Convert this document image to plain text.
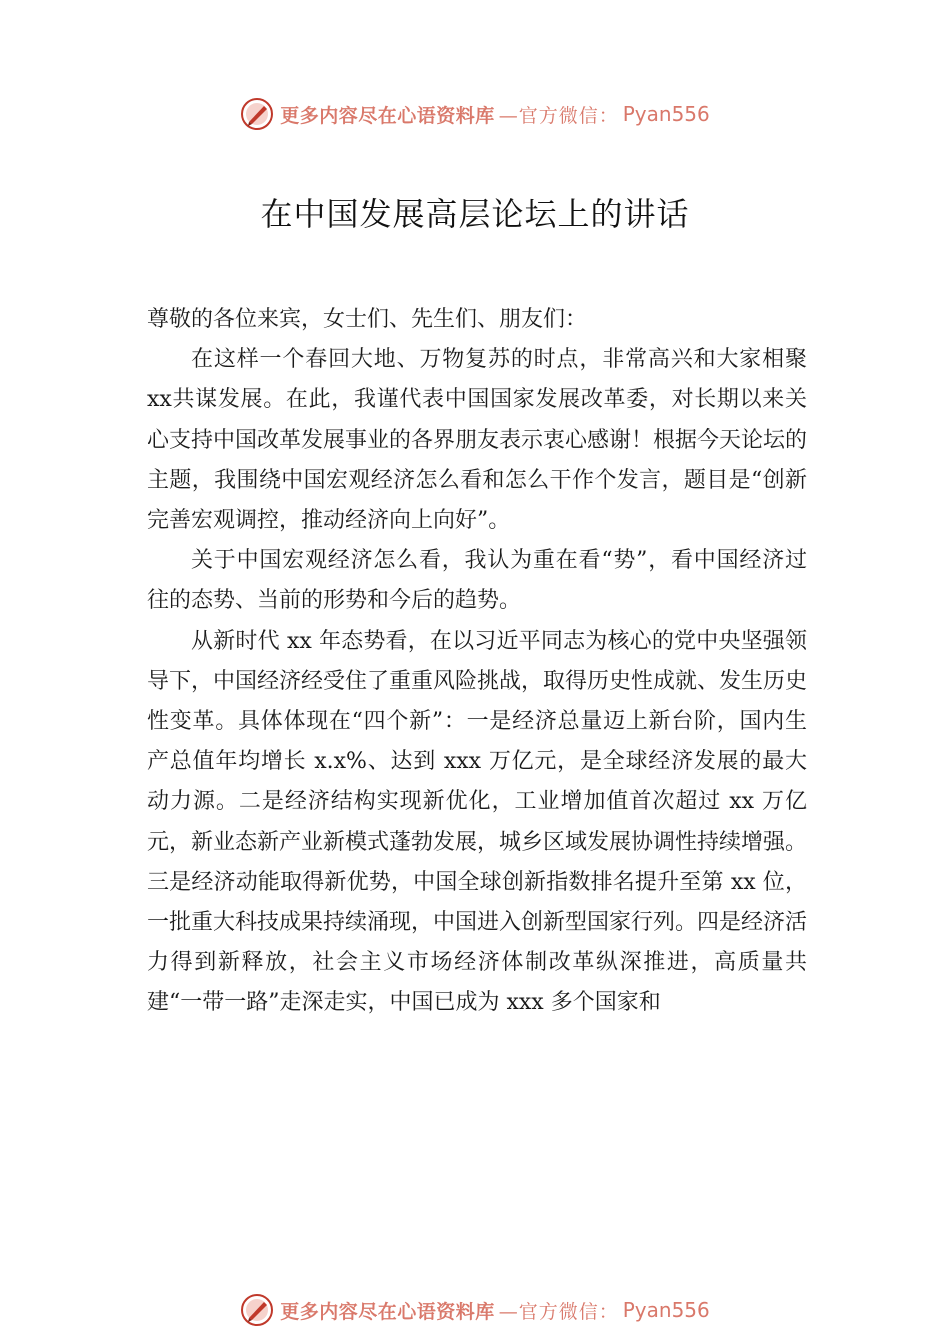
更多内容尽在心语资料库 —官方微信： Pyan556
在中国发展高层论坛上的讲话

尊敬的各位来宾，女士们、先生们、朋友们：

在这样一个春回大地、万物复苏的时点，非常高兴和大家相聚xx共谋发展。在此，我谨代表中国国家发展改革委，对长期以来关心支持中国改革发展事业的各界朋友表示衷心感谢！根据今天论坛的主题，我围绕中国宏观经济怎么看和怎么干作个发言，题目是“创新完善宏观调控，推动经济向上向好”。

关于中国宏观经济怎么看，我认为重在看“势”，看中国经济过往的态势、当前的形势和今后的趋势。

从新时代 xx 年态势看，在以习近平同志为核心的党中央坚强领导下，中国经济经受住了重重风险挑战，取得历史性成就、发生历史性变革。具体体现在“四个新”：一是经济总量迈上新台阶，国内生产总值年均增长 x.x%、达到 xxx 万亿元，是全球经济发展的最大动力源。二是经济结构实现新优化，工业增加值首次超过 xx 万亿元，新业态新产业新模式蓬勃发展，城乡区域发展协调性持续增强。三是经济动能取得新优势，中国全球创新指数排名提升至第 xx 位，一批重大科技成果持续涌现，中国进入创新型国家行列。四是经济活力得到新释放，社会主义市场经济体制改革纵深推进，高质量共建“一带一路”走深走实，中国已成为 xxx 多个国家和

更多内容尽在心语资料库 —官方微信： Pyan556
